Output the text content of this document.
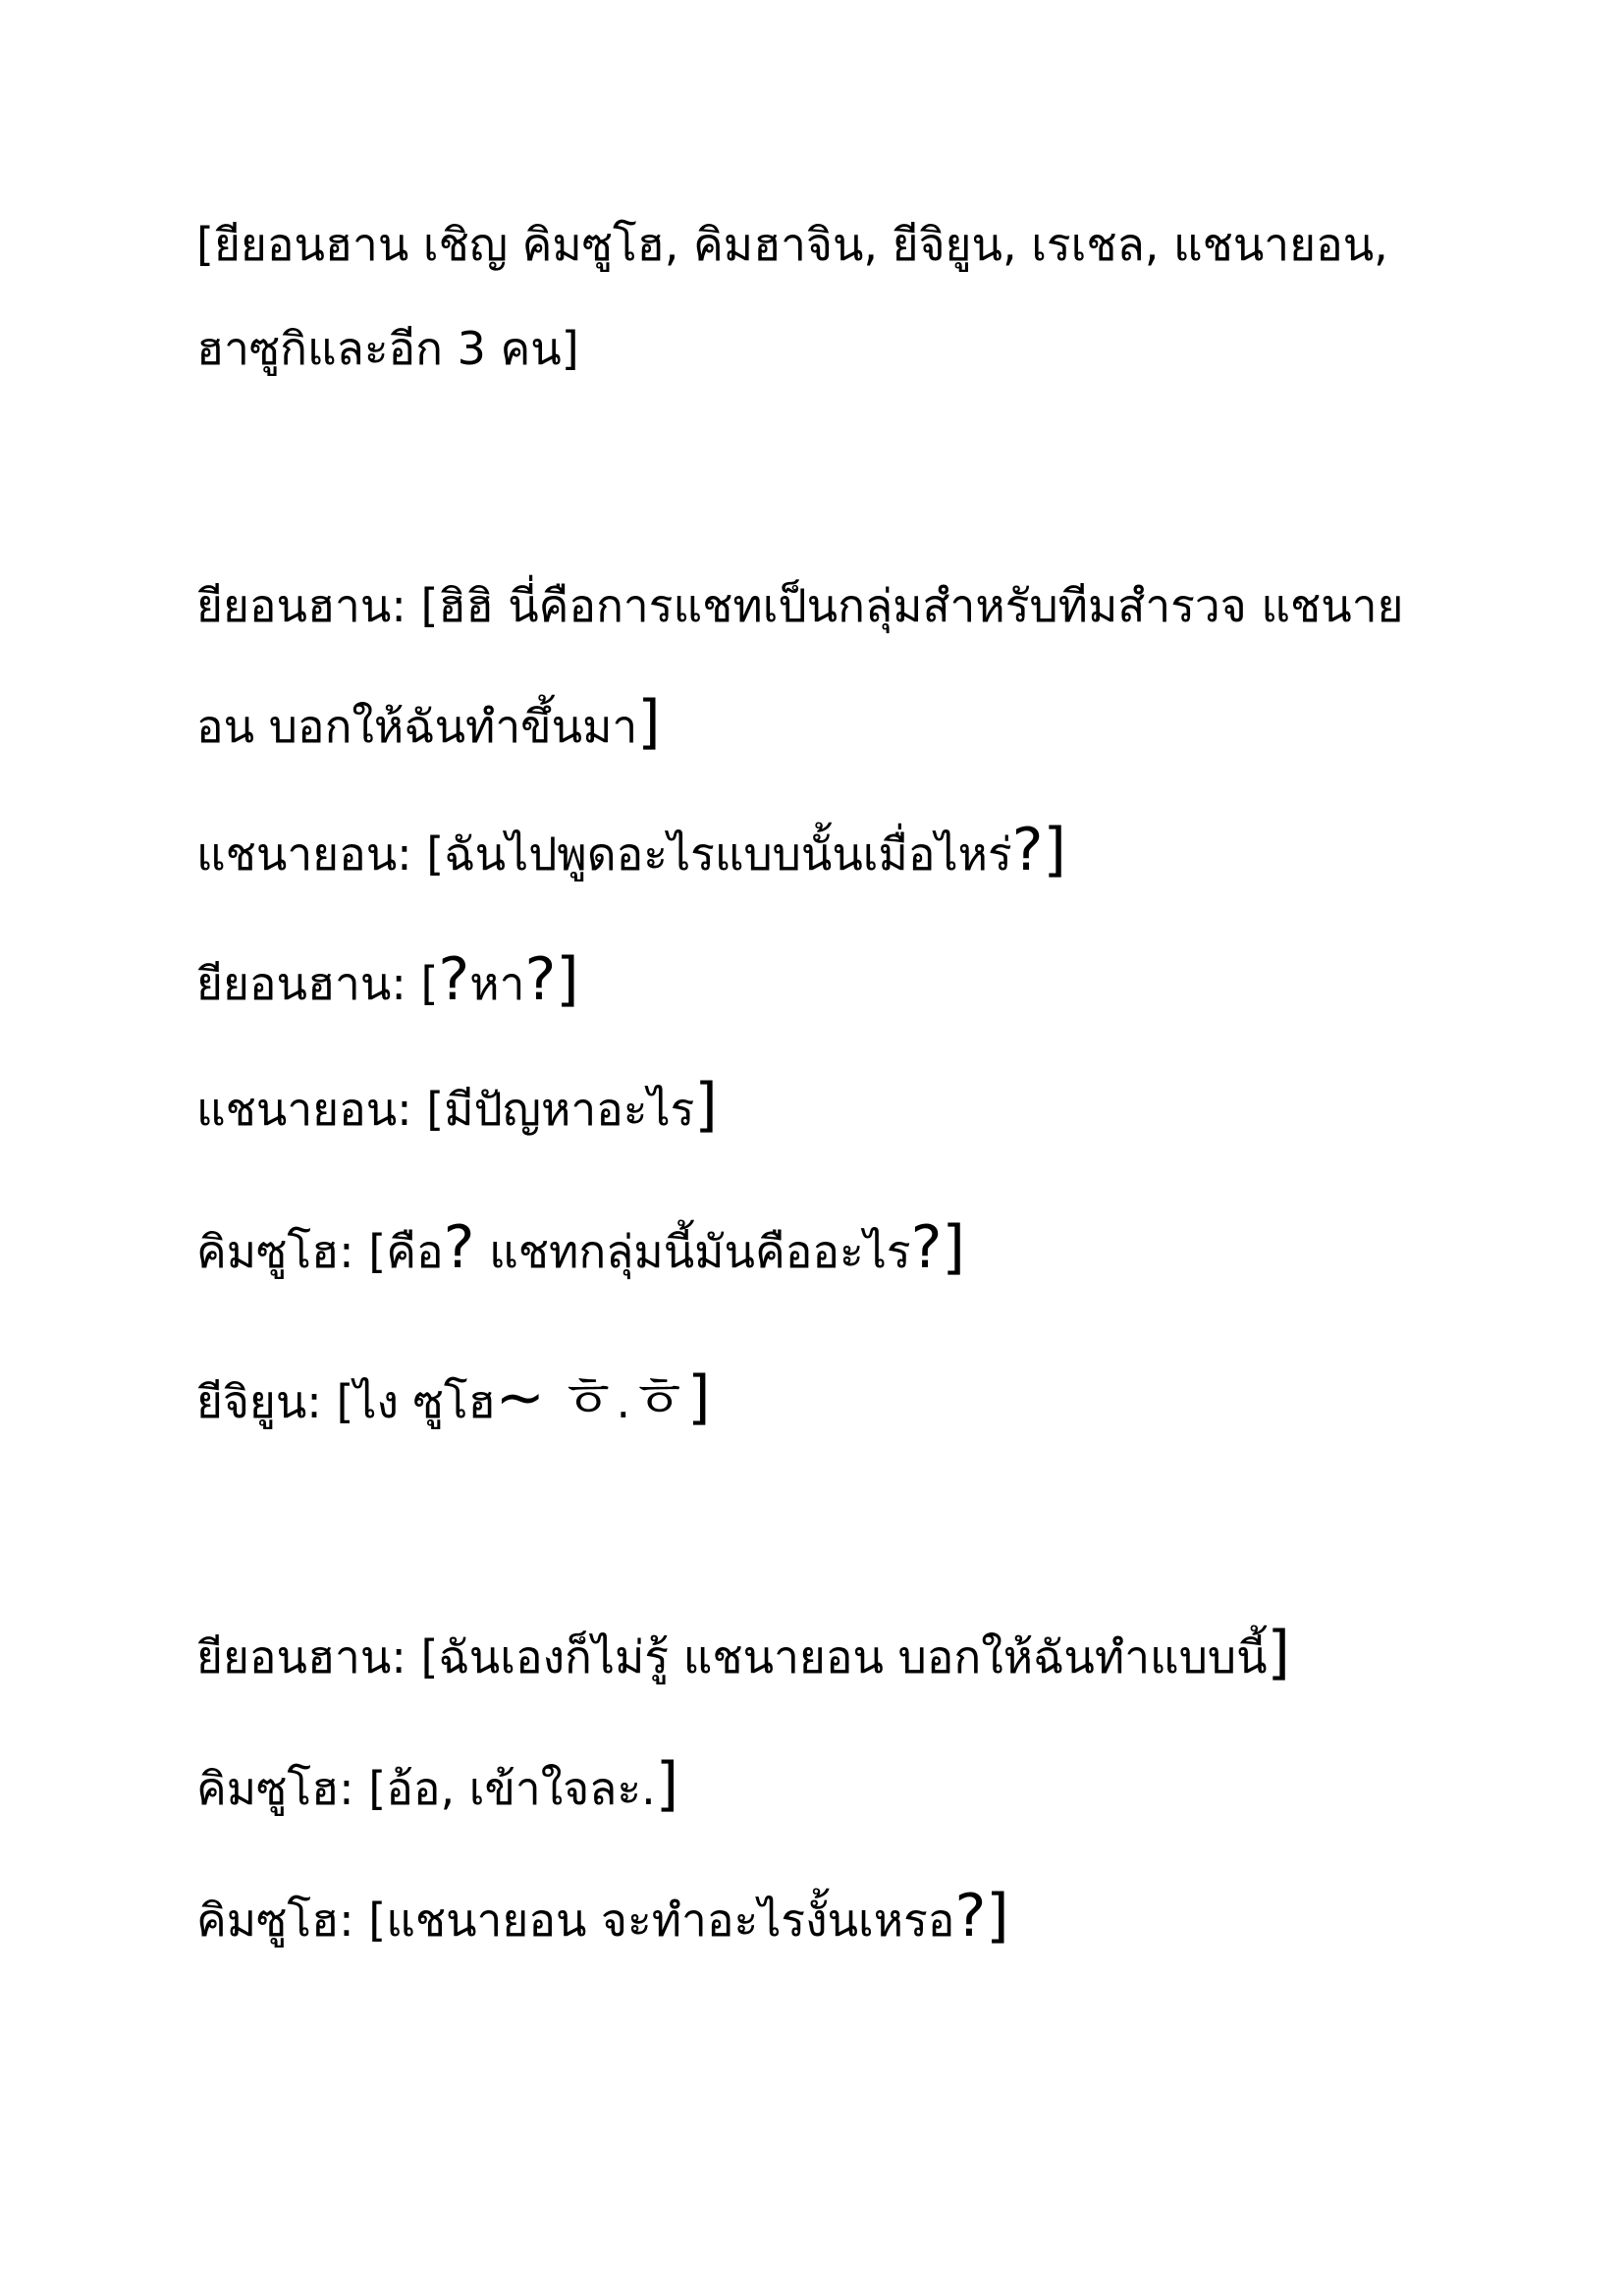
[ยียอนฮาน เชิญ คิมซูโฮ, คิมฮาจิน, ยีจิยูน, เรเชล, แชนายอน,
ฮาซูกิและอีก 3 คน]
ยียอนฮาน: [ฮฮ นคอการแชทเปนกลมสหรบทมสรวจ แชนาย
อน บอกใหฉนทขนมา]
แชนายอน: [ฉนไปพดอะไรแบบนนเมอไหร?]
ยียอนฮาน: [?หา?]
แชนายอน: [มปญหาอะไร]
คิมซูโฮ: [คอ? แชทกลมนมนคออะไร?]
ยีจิยูน: [ไง ซโฮ~ ㅎ.ㅎ]
ยียอนฮาน: [ฉนเองกไมร แชนายอน บอกใหฉนทแบบน]
คิมซูโฮ: [ออ, เขาใจละ.]
คิมซูโฮ: [แชนายอน จะทอะไรงนเหรอ?]
